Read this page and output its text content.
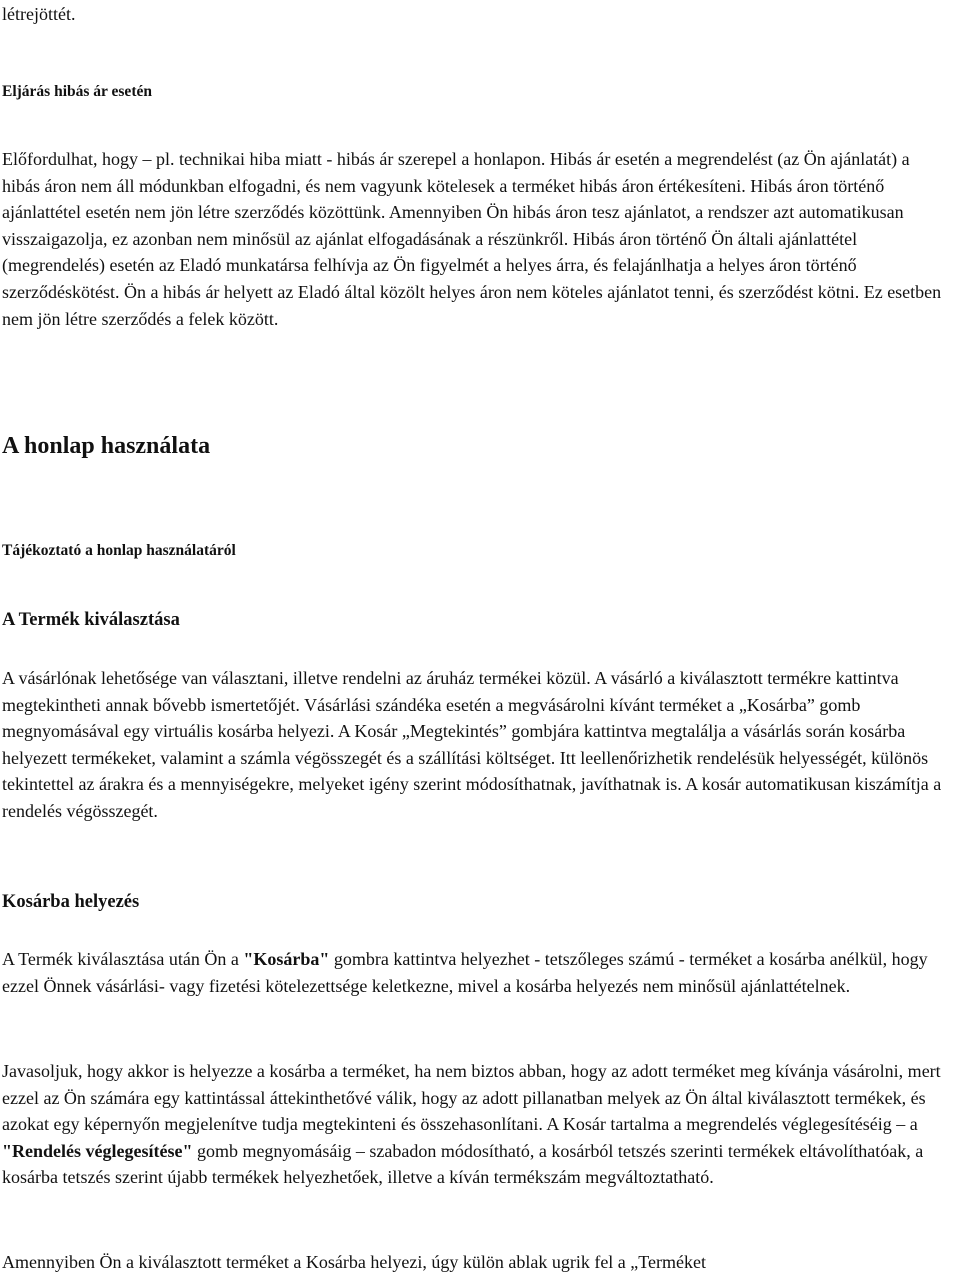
létrejöttét.

Eljárás hibás ár esetén

Előfordulhat, hogy – pl. technikai hiba miatt - hibás ár szerepel a honlapon. Hibás ár esetén a megrendelést (az Ön ajánlatát) a hibás áron nem áll módunkban elfogadni, és nem vagyunk kötelesek a terméket hibás áron értékesíteni. Hibás áron történő ajánlattétel esetén nem jön létre szerződés közöttünk. Amennyiben Ön hibás áron tesz ajánlatot, a rendszer azt automatikusan visszaigazolja, ez azonban nem minősül az ajánlat elfogadásának a részünkről. Hibás áron történő Ön általi ajánlattétel (megrendelés) esetén az Eladó munkatársa felhívja az Ön figyelmét a helyes árra, és felajánlhatja a helyes áron történő szerződéskötést. Ön a hibás ár helyett az Eladó által közölt helyes áron nem köteles ajánlatot tenni, és szerződést kötni. Ez esetben nem jön létre szerződés a felek között.

A honlap használata
Tájékoztató a honlap használatáról
A Termék kiválasztása

A vásárlónak lehetősége van választani, illetve rendelni az áruház termékei közül. A vásárló a kiválasztott termékre kattintva megtekintheti annak bővebb ismertetőjét. Vásárlási szándéka esetén a megvásárolni kívánt terméket a „Kosárba” gomb megnyomásával egy virtuális kosárba helyezi. A Kosár „Megtekintés” gombjára kattintva megtalálja a vásárlás során kosárba helyezett termékeket, valamint a számla végösszegét és a szállítási költséget. Itt leellenőrizhetik rendelésük helyességét, különös tekintettel az árakra és a mennyiségekre, melyeket igény szerint módosíthatnak, javíthatnak is. A kosár automatikusan kiszámítja a rendelés végösszegét.

Kosárba helyezés

A Termék kiválasztása után Ön a "Kosárba" gombra kattintva helyezhet - tetszőleges számú - terméket a kosárba anélkül, hogy ezzel Önnek vásárlási- vagy fizetési kötelezettsége keletkezne, mivel a kosárba helyezés nem minősül ajánlattételnek.

Javasoljuk, hogy akkor is helyezze a kosárba a terméket, ha nem biztos abban, hogy az adott terméket meg kívánja vásárolni, mert ezzel az Ön számára egy kattintással áttekinthetővé válik, hogy az adott pillanatban melyek az Ön által kiválasztott termékek, és azokat egy képernyőn megjelenítve tudja megtekinteni és összehasonlítani. A Kosár tartalma a megrendelés véglegesítéséig – a "Rendelés véglegesítése" gomb megnyomásáig – szabadon módosítható, a kosárból tetszés szerinti termékek eltávolíthatóak, a kosárba tetszés szerint újabb termékek helyezhetőek, illetve a kíván termékszám megváltoztatható.

Amennyiben Ön a kiválasztott terméket a Kosárba helyezi, úgy külön ablak ugrik fel a „Terméket
